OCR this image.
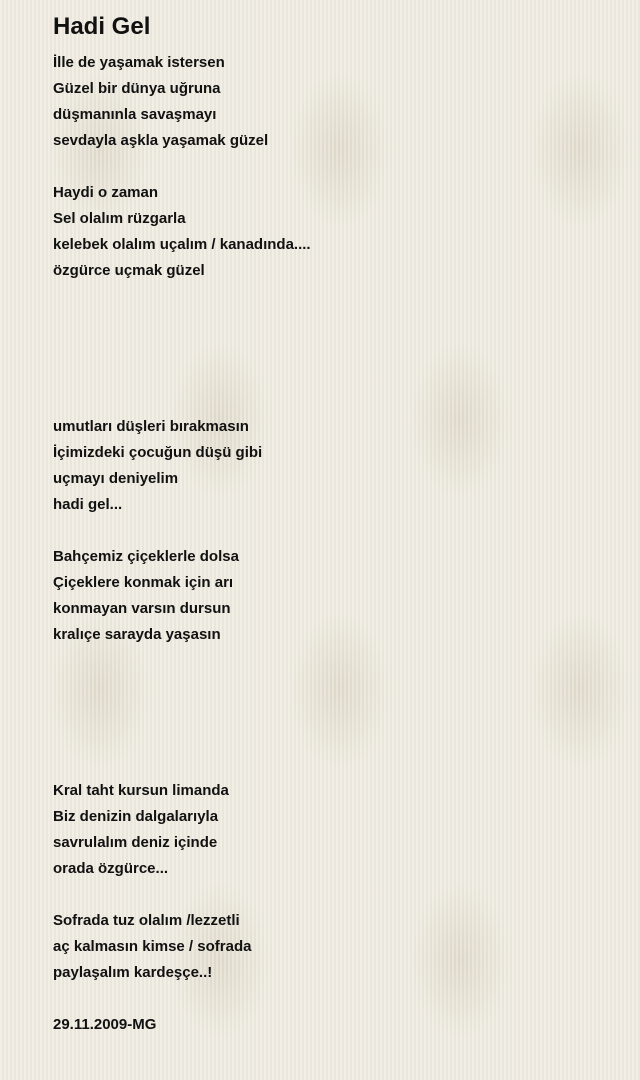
Hadi Gel
İlle de yaşamak istersen
Güzel bir dünya uğruna
düşmanınla savaşmayı
sevdayla aşkla yaşamak güzel
Haydi o zaman
Sel olalım rüzgarla
kelebek olalım uçalım / kanadında....
özgürce uçmak güzel
umutları düşleri bırakmasın
İçimizdeki çocuğun düşü gibi
uçmayı deniyelim
hadi gel...
Bahçemiz çiçeklerle dolsa
Çiçeklere konmak için arı
konmayan varsın dursun
kralıçe sarayda yaşasın
Kral taht kursun limanda
Biz denizin dalgalarıyla
savrulalım deniz içinde
orada özgürce...
Sofrada tuz olalım /lezzetli
aç kalmasın kimse / sofrada
paylaşalım kardeşçe..!
29.11.2009-MG
